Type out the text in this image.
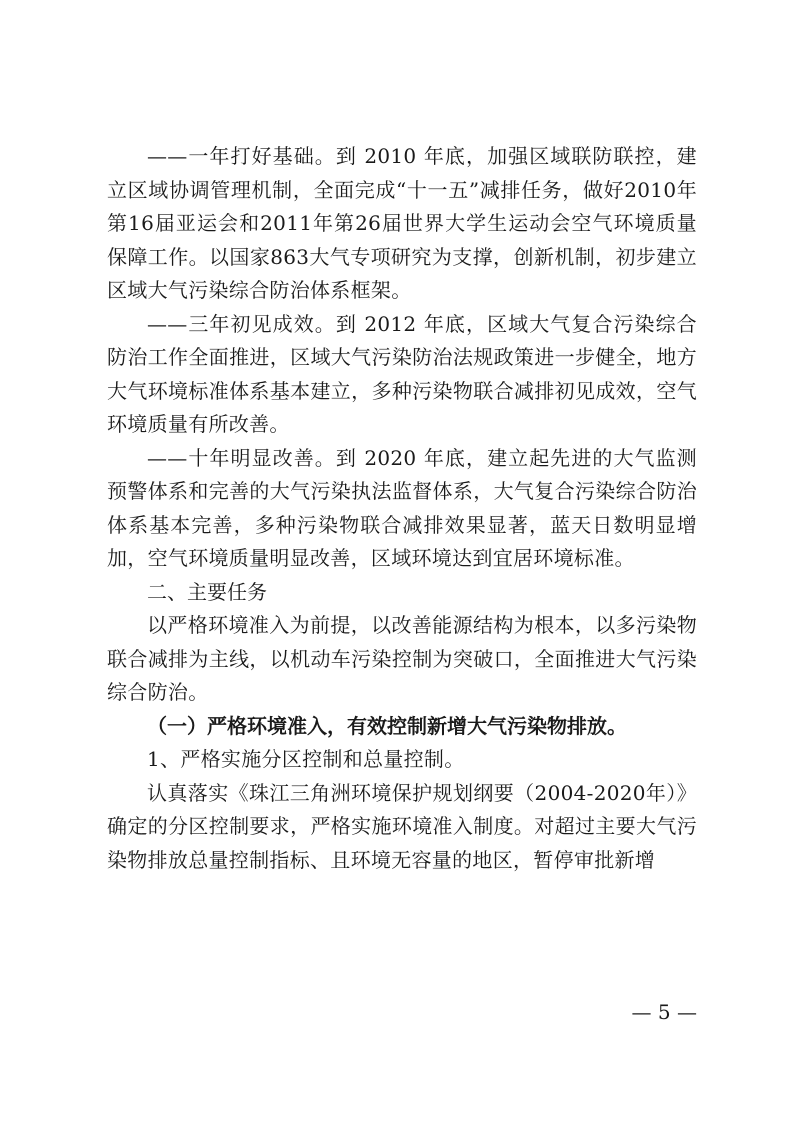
——一年打好基础。到 2010 年底，加强区域联防联控，建立区域协调管理机制，全面完成“十一五”减排任务，做好2010年第16届亚运会和2011年第26届世界大学生运动会空气环境质量保障工作。以国家863大气专项研究为支撑，创新机制，初步建立区域大气污染综合防治体系框架。

——三年初见成效。到 2012 年底，区域大气复合污染综合防治工作全面推进，区域大气污染防治法规政策进一步健全，地方大气环境标准体系基本建立，多种污染物联合减排初见成效，空气环境质量有所改善。

——十年明显改善。到 2020 年底，建立起先进的大气监测预警体系和完善的大气污染执法监督体系，大气复合污染综合防治体系基本完善，多种污染物联合减排效果显著，蓝天日数明显增加，空气环境质量明显改善，区域环境达到宜居环境标准。

二、主要任务

以严格环境准入为前提，以改善能源结构为根本，以多污染物联合减排为主线，以机动车污染控制为突破口，全面推进大气污染综合防治。

（一）严格环境准入，有效控制新增大气污染物排放。

1、严格实施分区控制和总量控制。

认真落实《珠江三角洲环境保护规划纲要（2004-2020年）》确定的分区控制要求，严格实施环境准入制度。对超过主要大气污染物排放总量控制指标、且环境无容量的地区，暂停审批新增

— 5 —
